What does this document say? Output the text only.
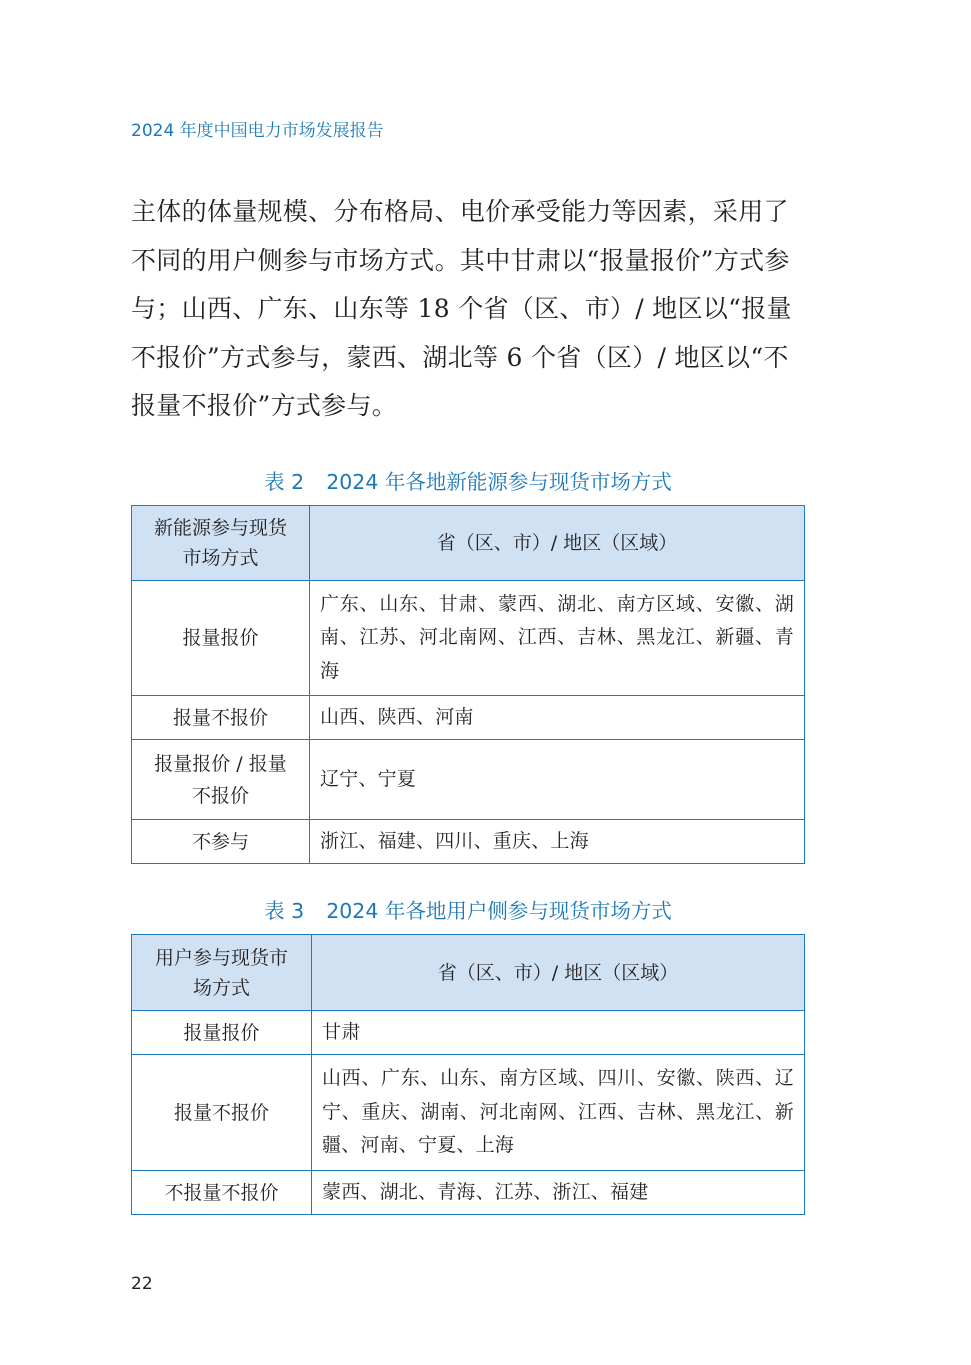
2024 年度中国电力市场发展报告

主体的体量规模、分布格局、电价承受能力等因素，采用了不同的用户侧参与市场方式。其中甘肃以“报量报价”方式参与；山西、广东、山东等 18 个省（区、市）/ 地区以“报量不报价”方式参与，蒙西、湖北等 6 个省（区）/ 地区以“不报量不报价”方式参与。

表 2 2024 年各地新能源参与现货市场方式
新能源参与现货市场方式	省（区、市）/ 地区（区域）
报量报价	广东、山东、甘肃、蒙西、湖北、南方区域、安徽、湖南、江苏、河北南网、江西、吉林、黑龙江、新疆、青海
报量不报价	山西、陕西、河南
报量报价 / 报量不报价	辽宁、宁夏
不参与	浙江、福建、四川、重庆、上海
表 3 2024 年各地用户侧参与现货市场方式
用户参与现货市场方式	省（区、市）/ 地区（区域）
报量报价	甘肃
报量不报价	山西、广东、山东、南方区域、四川、安徽、陕西、辽宁、重庆、湖南、河北南网、江西、吉林、黑龙江、新疆、河南、宁夏、上海
不报量不报价	蒙西、湖北、青海、江苏、浙江、福建
22
